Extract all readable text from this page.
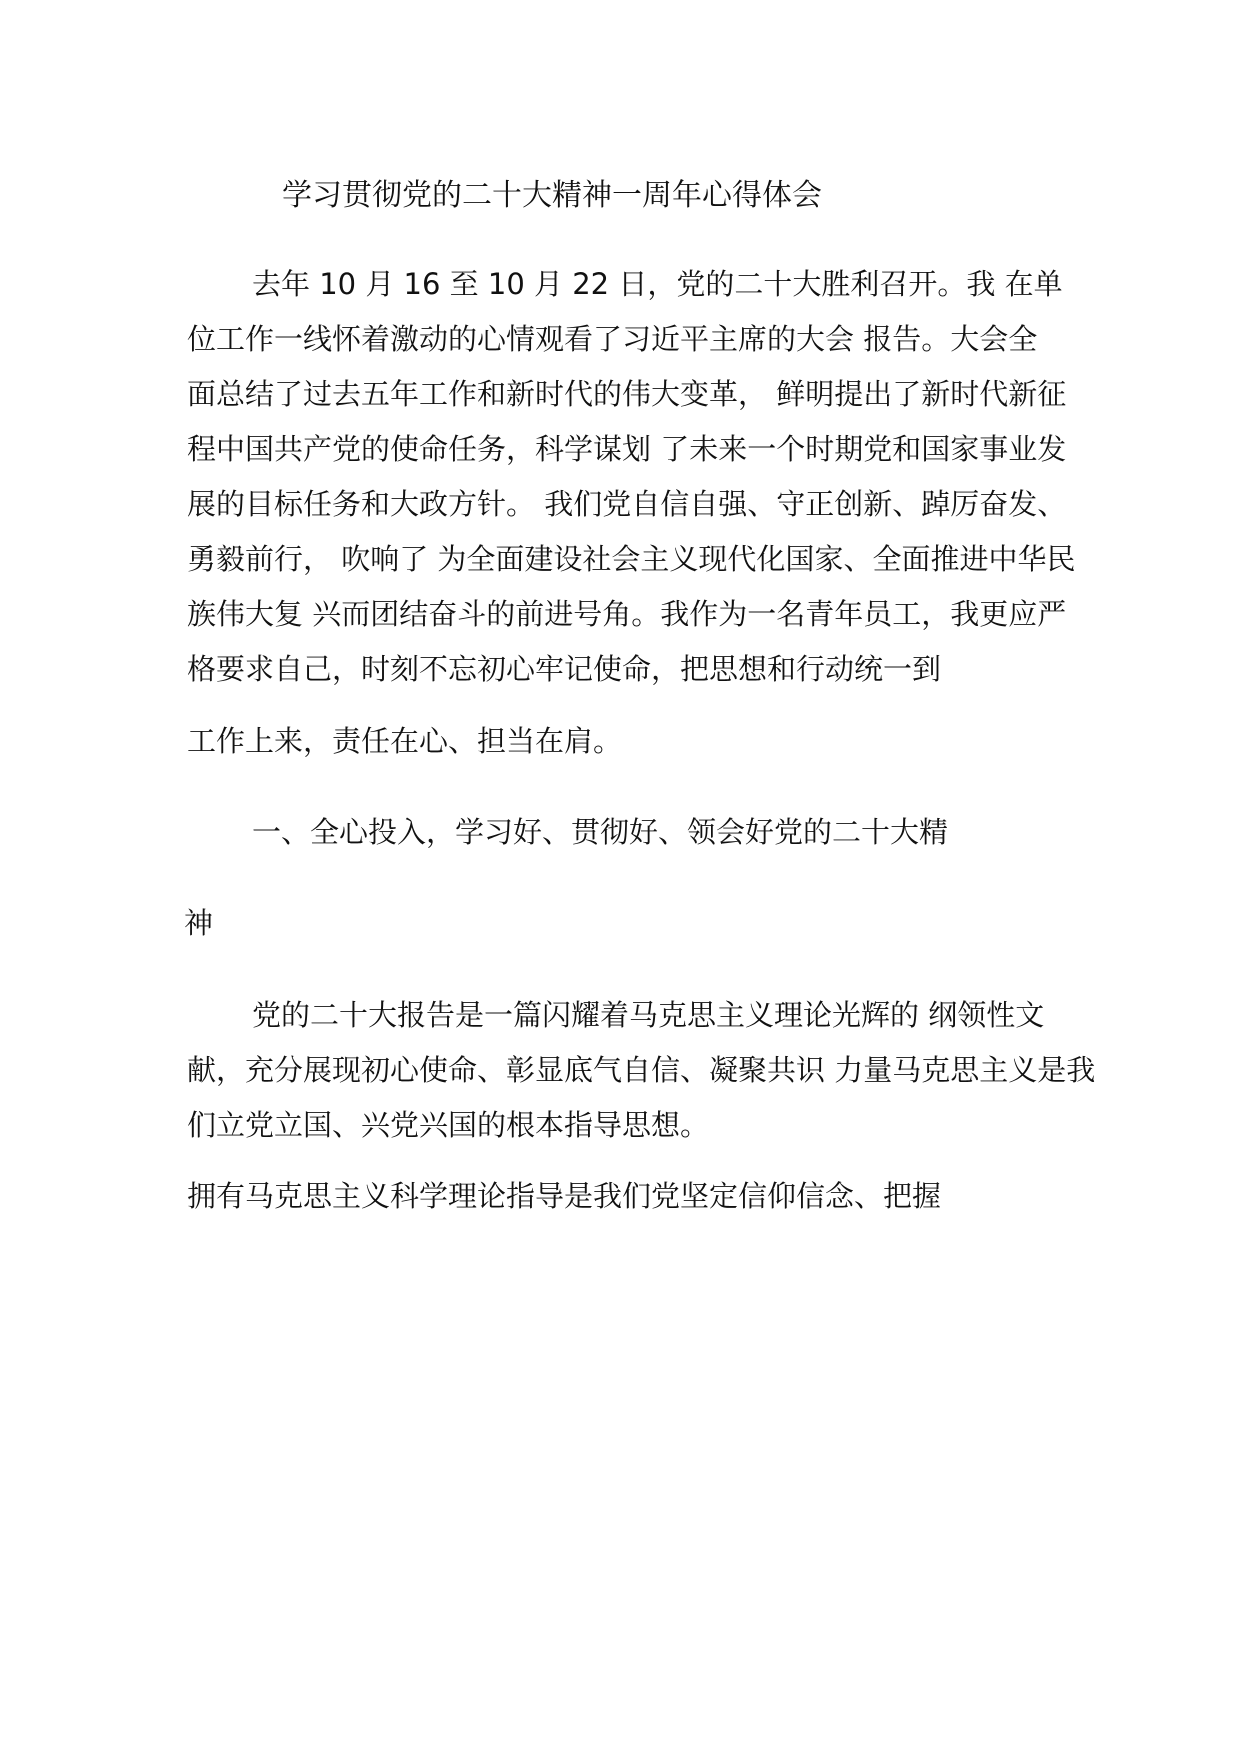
学习贯彻党的二十大精神一周年心得体会
去年 10 月 16 至 10 月 22 日，党的二十大胜利召开。我 在单
位工作一线怀着激动的心情观看了习近平主席的大会 报告。大会全
面总结了过去五年工作和新时代的伟大变革， 鲜明提出了新时代新征
程中国共产党的使命任务，科学谋划 了未来一个时期党和国家事业发
展的目标任务和大政方针。 我们党自信自强、守正创新、踔厉奋发、
勇毅前行， 吹响了 为全面建设社会主义现代化国家、全面推进中华民
族伟大复 兴而团结奋斗的前进号角。我作为一名青年员工，我更应严
格要求自己，时刻不忘初心牢记使命，把思想和行动统一到
工作上来，责任在心、担当在肩。
一、全心投入，学习好、贯彻好、领会好党的二十大精
神
党的二十大报告是一篇闪耀着马克思主义理论光辉的 纲领性文
献，充分展现初心使命、彰显底气自信、凝聚共识 力量马克思主义是我
们立党立国、兴党兴国的根本指导思想。
拥有马克思主义科学理论指导是我们党坚定信仰信念、把握
